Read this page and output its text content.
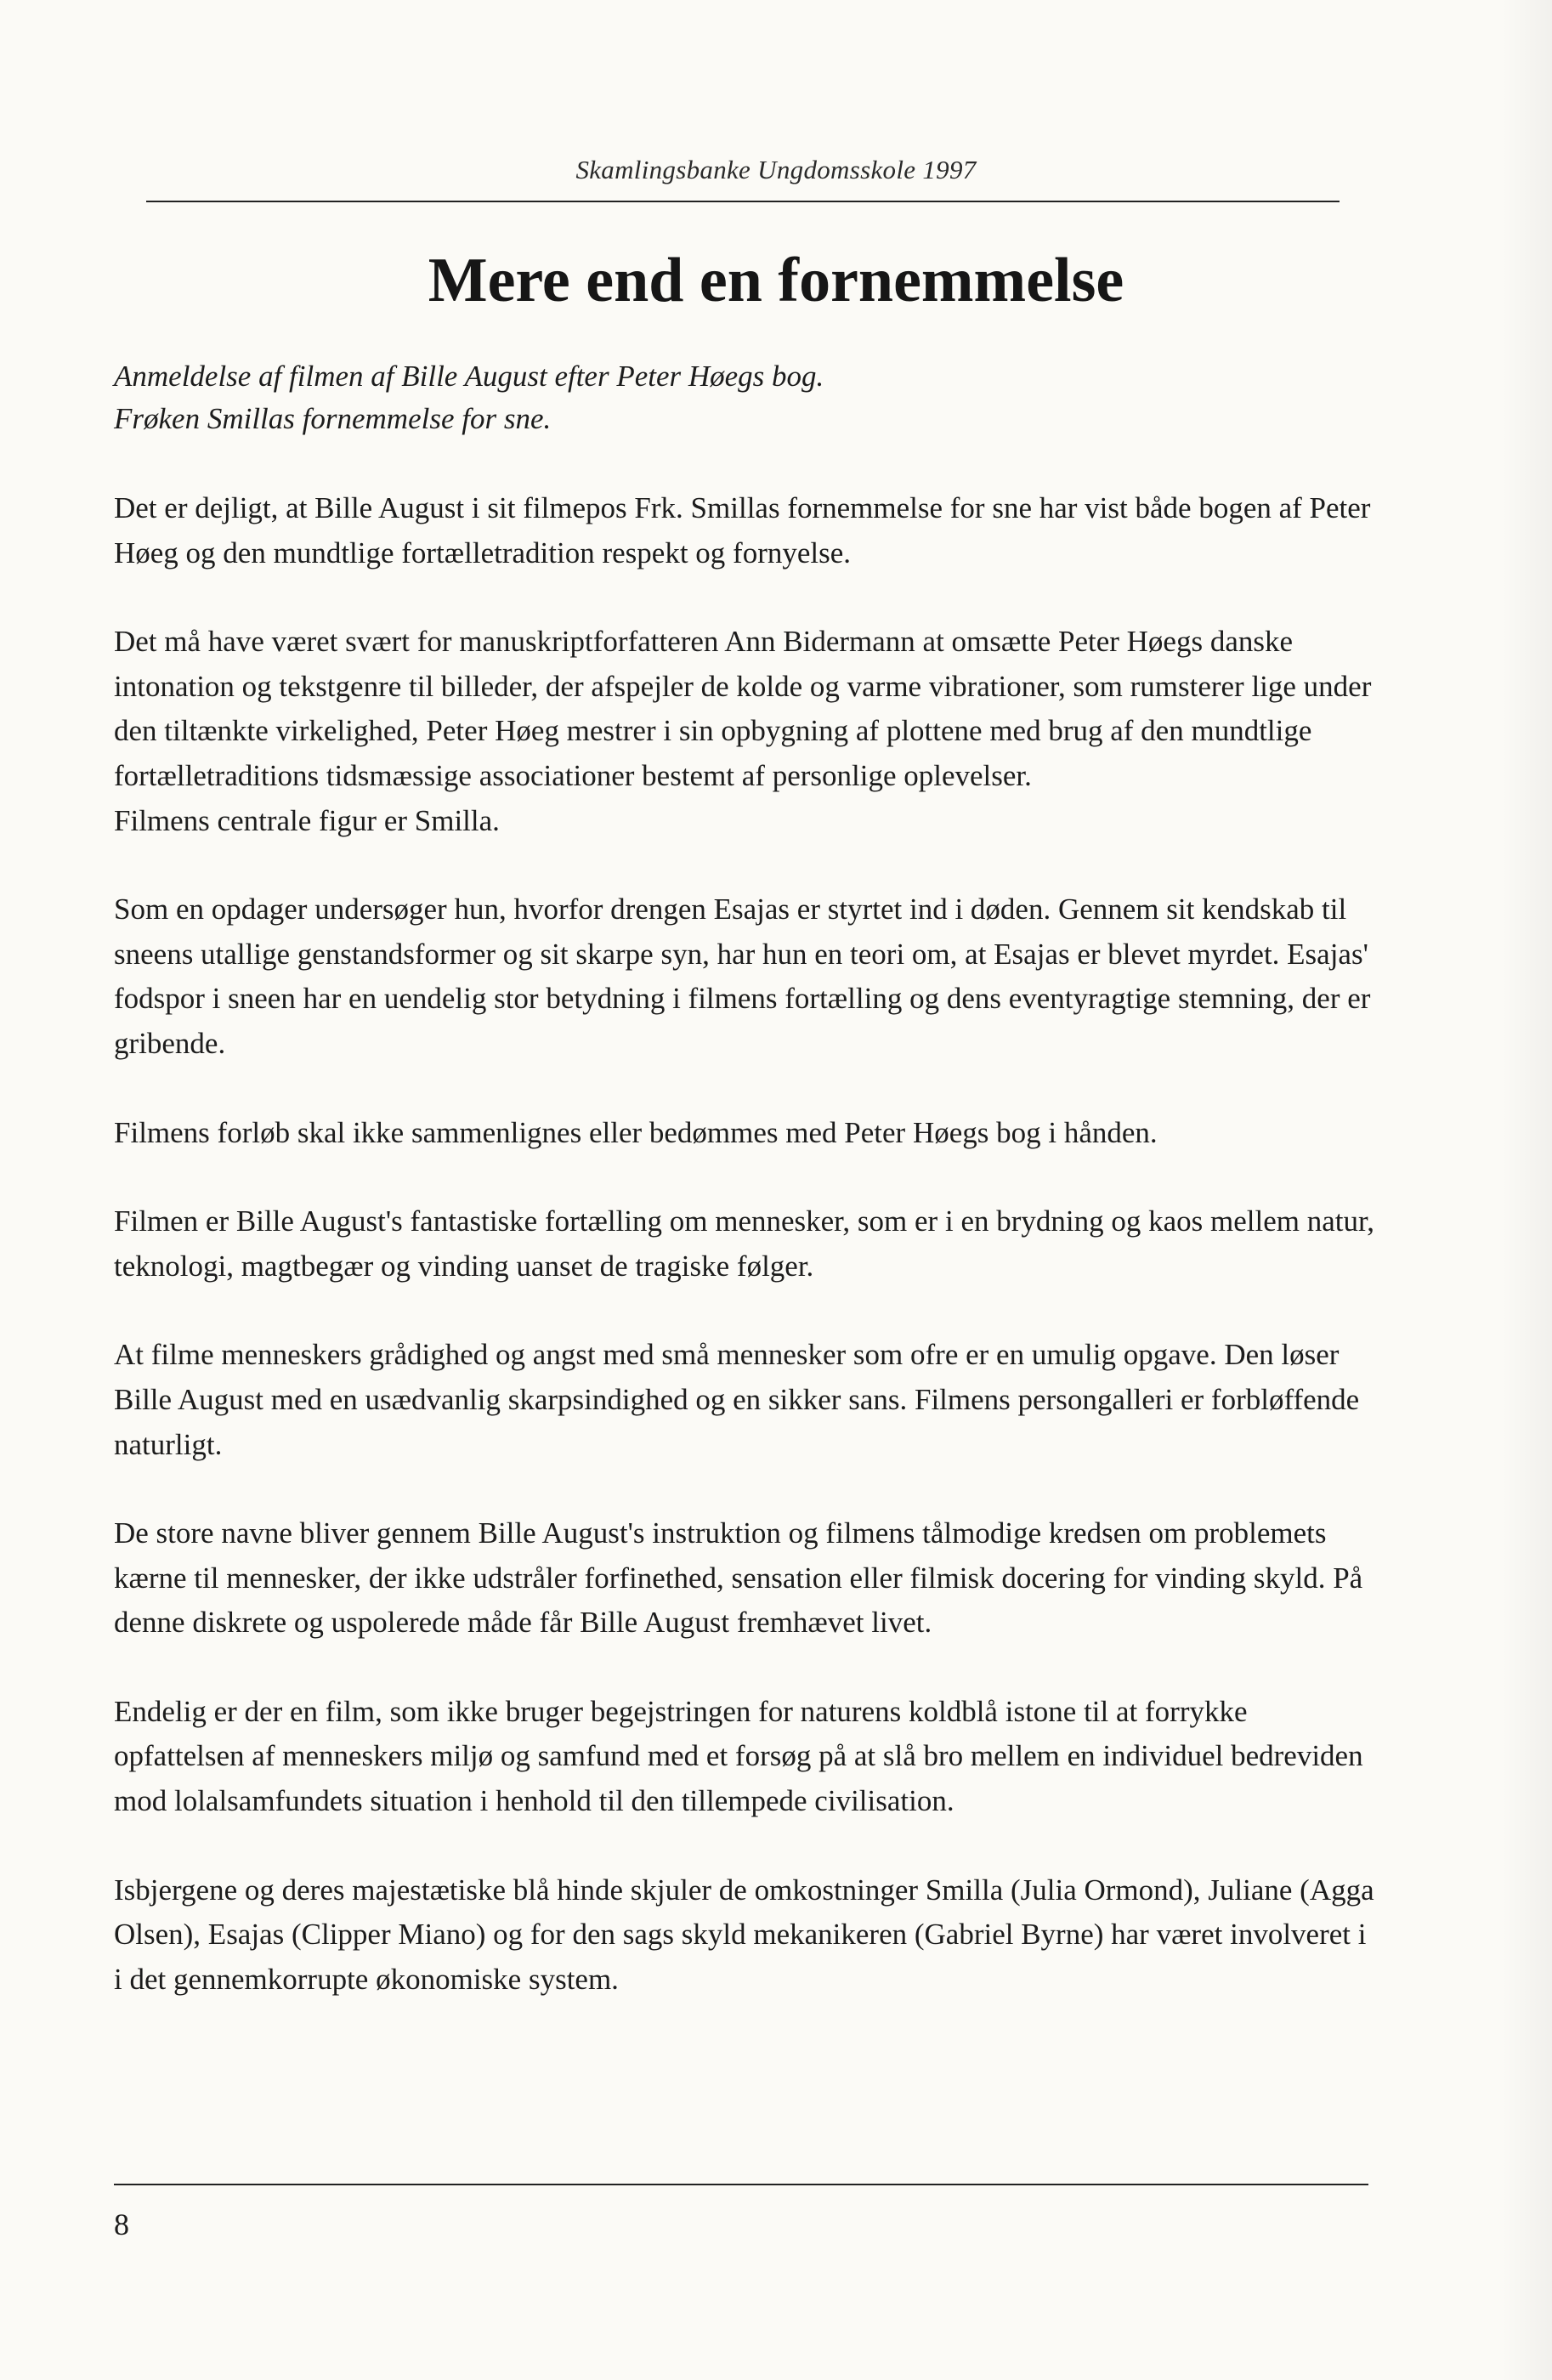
Skamlingsbanke Ungdomsskole 1997
Mere end en fornemmelse
Anmeldelse af filmen af Bille August efter Peter Høegs bog.
Frøken Smillas fornemmelse for sne.

Det er dejligt, at Bille August i sit filmepos Frk. Smillas fornemmelse for sne har vist både bogen af Peter Høeg og den mundtlige fortælletradition respekt og fornyelse.

Det må have været svært for manuskriptforfatteren Ann Bidermann at omsætte Peter Høegs danske intonation og tekstgenre til billeder, der afspejler de kolde og varme vibrationer, som rumsterer lige under den tiltænkte virkelighed, Peter Høeg mestrer i sin opbygning af plottene med brug af den mundtlige fortælletraditions tidsmæssige associationer bestemt af personlige oplevelser.

Filmens centrale figur er Smilla.

Som en opdager undersøger hun, hvorfor drengen Esajas er styrtet ind i døden. Gennem sit kendskab til sneens utallige genstandsformer og sit skarpe syn, har hun en teori om, at Esajas er blevet myrdet. Esajas' fodspor i sneen har en uendelig stor betydning i filmens fortælling og dens eventyragtige stemning, der er gribende.

Filmens forløb skal ikke sammenlignes eller bedømmes med Peter Høegs bog i hånden.

Filmen er Bille August's fantastiske fortælling om mennesker, som er i en brydning og kaos mellem natur, teknologi, magtbegær og vinding uanset de tragiske følger.

At filme menneskers grådighed og angst med små mennesker som ofre er en umulig opgave. Den løser Bille August med en usædvanlig skarpsindighed og en sikker sans. Filmens persongalleri er forbløffende naturligt.

De store navne bliver gennem Bille August's instruktion og filmens tålmodige kredsen om problemets kærne til mennesker, der ikke udstråler forfinethed, sensation eller filmisk docering for vinding skyld. På denne diskrete og uspolerede måde får Bille August fremhævet livet.

Endelig er der en film, som ikke bruger begejstringen for naturens koldblå istone til at forrykke opfattelsen af menneskers miljø og samfund med et forsøg på at slå bro mellem en individuel bedreviden mod lolalsamfundets situation i henhold til den tillempede civilisation.

Isbjergene og deres majestætiske blå hinde skjuler de omkostninger Smilla (Julia Ormond), Juliane (Agga Olsen), Esajas (Clipper Miano) og for den sags skyld mekanikeren (Gabriel Byrne) har været involveret i i det gennemkorrupte økonomiske system.

8
